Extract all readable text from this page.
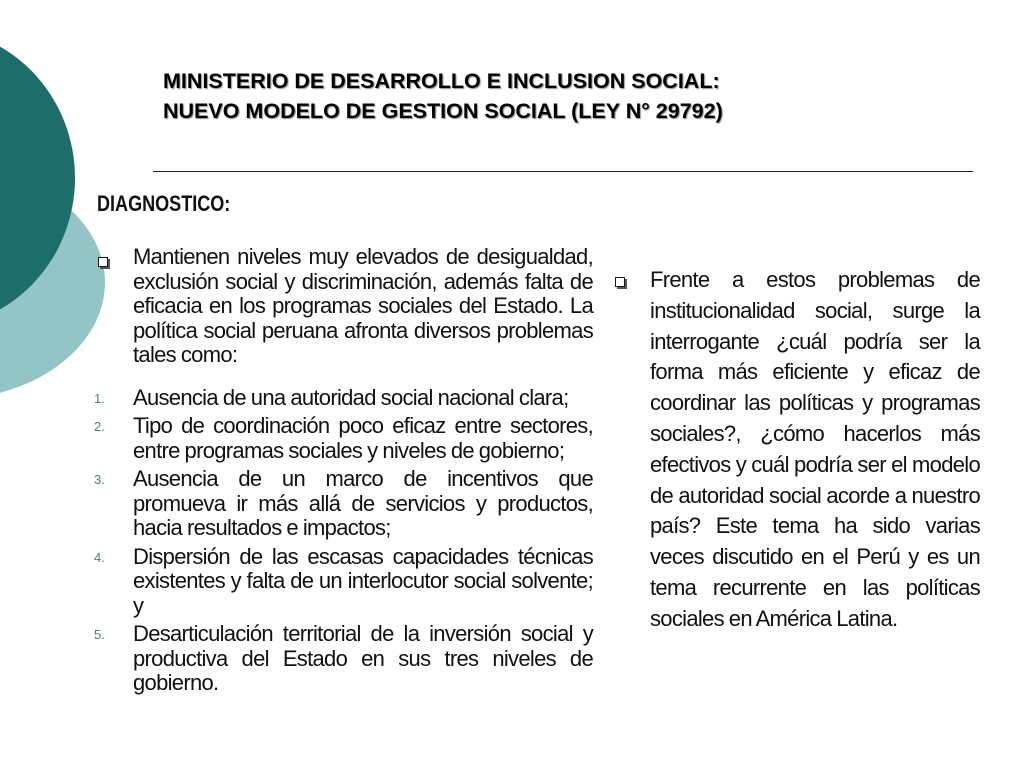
MINISTERIO DE DESARROLLO E INCLUSION SOCIAL:
NUEVO MODELO DE GESTION SOCIAL (LEY N° 29792)
DIAGNOSTICO:

Mantienen niveles muy elevados de desigualdad, exclusión social y discriminación, además falta de eficacia en los programas sociales del Estado. La política social peruana afronta diversos problemas tales como:

1. Ausencia de una autoridad social nacional clara;

2. Tipo de coordinación poco eficaz entre sectores, entre programas sociales y niveles de gobierno;

3. Ausencia de un marco de incentivos que promueva ir más allá de servicios y productos, hacia resultados e impactos;

4. Dispersión de las escasas capacidades técnicas existentes y falta de un interlocutor social solvente; y

5. Desarticulación territorial de la inversión social y productiva del Estado en sus tres niveles de gobierno.

Frente a estos problemas de institucionalidad social, surge la interrogante ¿cuál podría ser la forma más eficiente y eficaz de coordinar las políticas y programas sociales?, ¿cómo hacerlos más efectivos y cuál podría ser el modelo de autoridad social acorde a nuestro país? Este tema ha sido varias veces discutido en el Perú y es un tema recurrente en las políticas sociales en América Latina.
